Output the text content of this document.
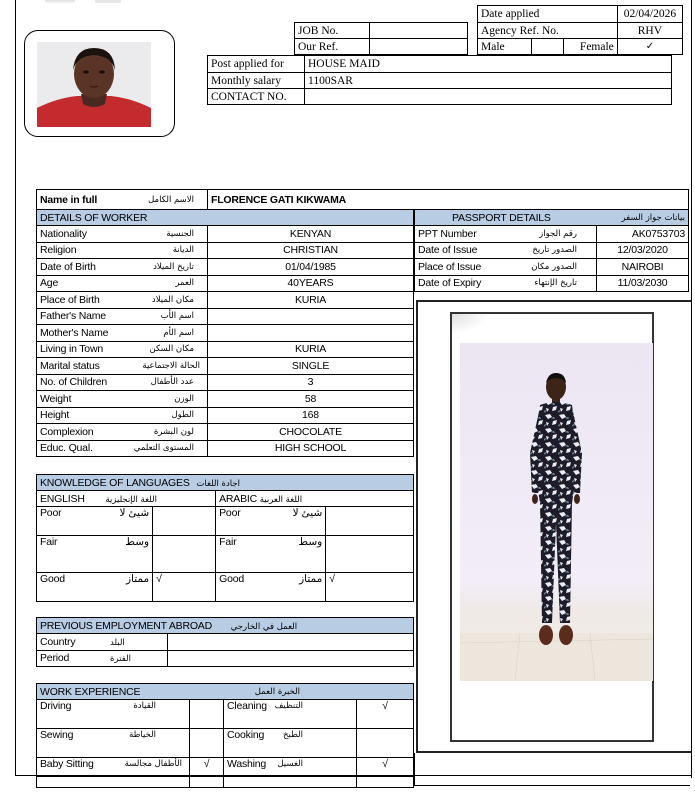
JOB No.	
Our Ref.	
Date applied			02/04/2026
Agency Ref. No.			RHV
Male		Female	✓
Post applied for	HOUSE MAID
Monthly salary	1100SAR
CONTACT NO.	
Name in full	الاسم الكامل	FLORENCE GATI KIKWAMA
DETAILS OF WORKER	

Nationality الجنسية	KENYAN

Religion الديانة	CHRISTIAN

Date of Birth تاريخ الميلاد	01/04/1985

Age العمر	40YEARS

Place of Birth مكان الميلاد	KURIA

Father's Name اسم الأب	

Mother's Name اسم الأم	

Living in Town مكان السكن	KURIA

Marital status الحالة الاجتماعية	SINGLE

No. of Children عدد الأطفال	3

Weight الوزن	58

Height الطول	168

Complexion لون البشرة	CHOCOLATE

Educ. Qual. المستوى التعلمي	HIGH SCHOOL
PASSPORT DETAILS بيانات جواز السفر	

PPT Number رقم الجواز	AK0753703

Date of Issue الصدور تاريخ	12/03/2020

Place of Issue الصدور مكان	NAIROBI

Date of Expiry تاريخ الإنتهاء	11/03/2030
KNOWLEDGE OF LANGUAGES اجادة اللغات					
ENGLISH اللغة الإنجليزية			ARABIC اللغة العربية		
Poor	شيئ لا		Poor	شيئ لا	
Fair	وسط		Fair	وسط	
Good	ممتاز	√	Good	ممتاز	√
PREVIOUS EMPLOYMENT ABROAD العمل في الخارجي	
Country البلد	
Period الفترة	
WORK EXPERIENCE الخبرة العمل			

Driving القيادة		Cleaning التنظيف	√

Sewing الخياطة		Cooking الطبخ	

Baby Sitting الأطفال مجالسة	√	Washing الغسيل	√
